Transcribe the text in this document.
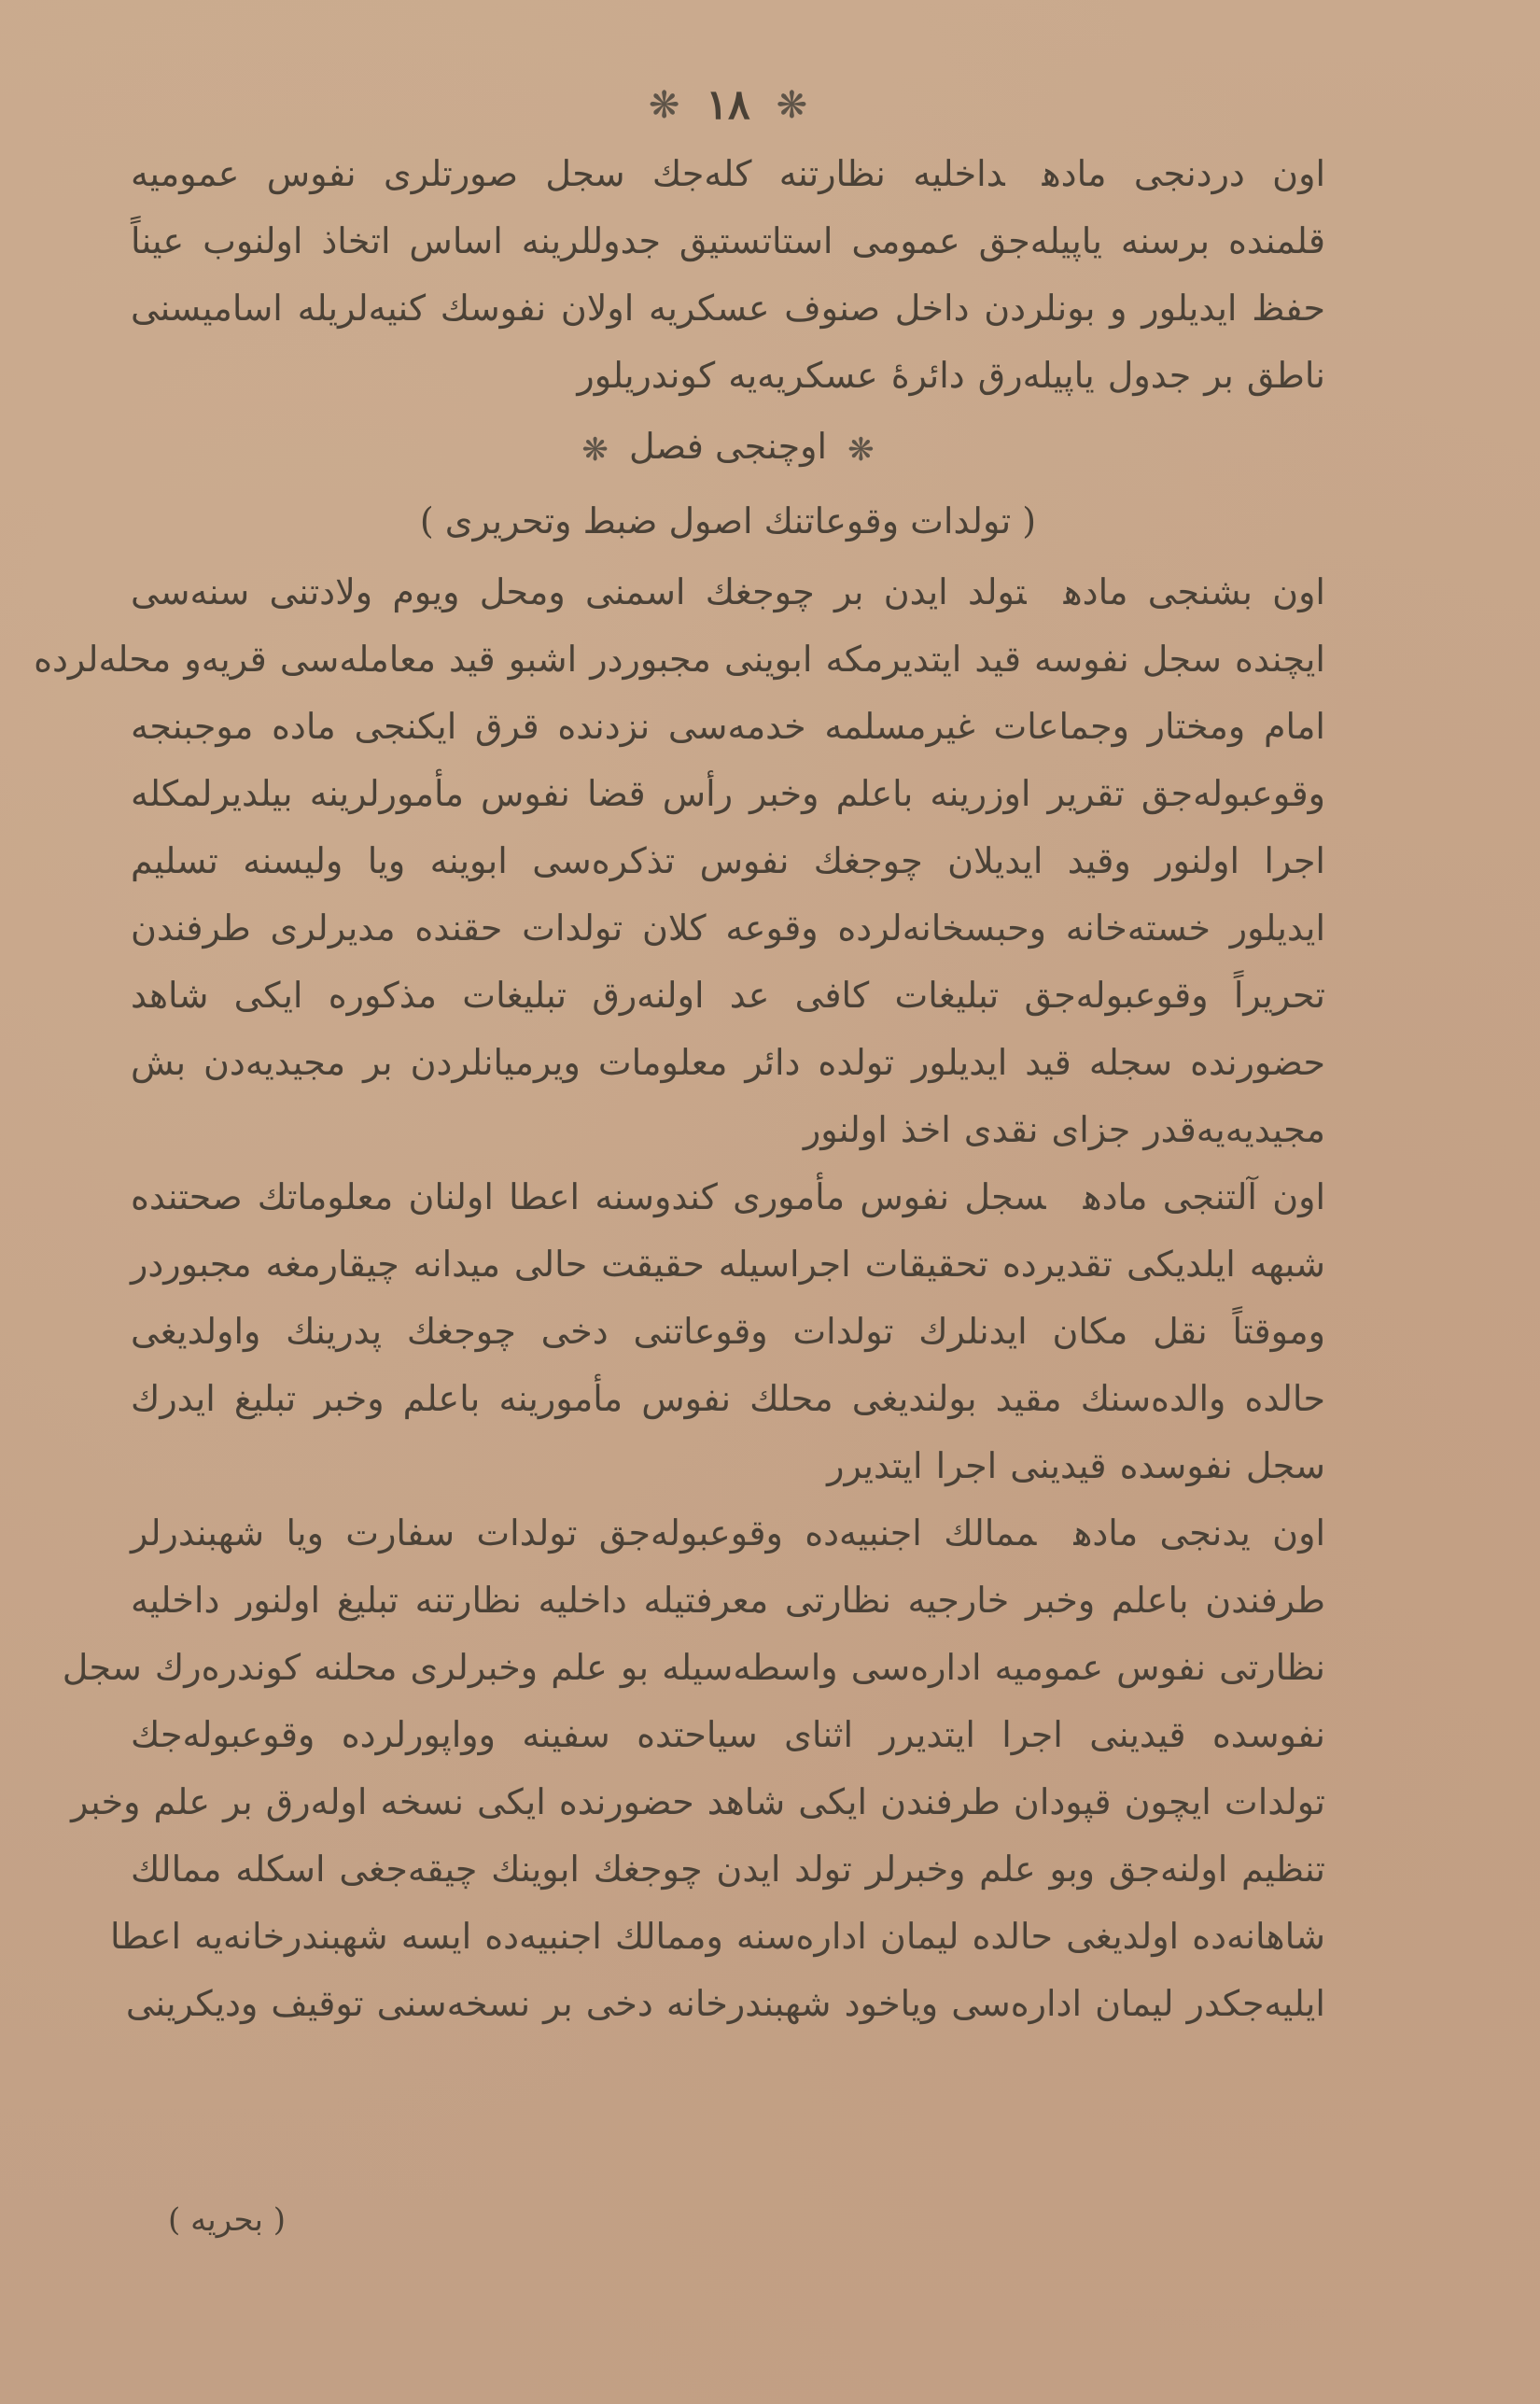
❋ ١٨ ❋
اون دردنجی مادهداخلیه نظارتنه کله‌جك سجل صورتلری نفوس عمومیه
قلمنده برسنه یاپیله‌جق عمومی استاتستیق جدوللرینه اساس اتخاذ اولنوب عیناً
حفظ ایدیلور و بونلردن داخل صنوف عسکریه اولان نفوسك کنیه‌لریله اسامیسنی
ناطق بر جدول یاپیله‌رق دائرهٔ عسکریه‌یه کوندریلور
❋ اوچنجی فصل ❋
( تولدات وقوعاتنك اصول ضبط وتحریری )
اون بشنجی مادهتولد ایدن بر چوجغك اسمنی ومحل ویوم ولادتنی سنه‌سی
ایچنده سجل نفوسه قید ایتدیرمکه ابوینی مجبوردر اشبو قید معامله‌سی قریه‌و محله‌لرده
امام ومختار وجماعات غیرمسلمه خدمه‌سی نزدنده قرق ایکنجی ماده موجبنجه
وقوعبوله‌جق تقریر اوزرینه باعلم وخبر رأس قضا نفوس مأمورلرینه بیلدیرلمکله
اجرا اولنور وقید ایدیلان چوجغك نفوس تذکره‌سی ابوینه ویا ولیسنه تسلیم
ایدیلور خسته‌خانه وحبسخانه‌لرده وقوعه کلان تولدات حقنده مدیرلری طرفندن
تحریراً وقوعبوله‌جق تبلیغات کافی عد اولنه‌رق تبلیغات مذکوره ایکی شاهد
حضورنده سجله قید ایدیلور تولده دائر معلومات ویرمیانلردن بر مجیدیه‌دن بش
مجیدیه‌یه‌قدر جزای نقدی اخذ اولنور
اون آلتنجی مادهسجل نفوس مأموری کندوسنه اعطا اولنان معلوماتك صحتنده
شبهه ایلدیکی تقدیرده تحقیقات اجراسیله حقیقت حالی میدانه چیقارمغه مجبوردر
وموقتاً نقل مکان ایدنلرك تولدات وقوعاتنی دخی چوجغك پدرینك واولدیغی
حالده والده‌سنك مقید بولندیغی محلك نفوس مأمورینه باعلم وخبر تبلیغ ایدرك
سجل نفوسده قیدینی اجرا ایتدیرر
اون یدنجی مادهممالك اجنبیه‌ده وقوعبوله‌جق تولدات سفارت ویا شهبندرلر
طرفندن باعلم وخبر خارجیه نظارتی معرفتیله داخلیه نظارتنه تبلیغ اولنور داخلیه
نظارتی نفوس عمومیه اداره‌سی واسطه‌سیله بو علم وخبرلری محلنه کوندره‌رك سجل
نفوسده قیدینی اجرا ایتدیرر اثنای سیاحتده سفینه وواپورلرده وقوعبوله‌جك
تولدات ایچون قپودان طرفندن ایکی شاهد حضورنده ایکی نسخه اوله‌رق بر علم وخبر
تنظیم اولنه‌جق وبو علم وخبرلر تولد ایدن چوجغك ابوینك چیقه‌جغی اسکله ممالك
شاهانه‌ده اولدیغی حالده لیمان اداره‌سنه وممالك اجنبیه‌ده ایسه شهبندرخانه‌یه اعطا
ایلیه‌جکدر لیمان اداره‌سی ویاخود شهبندرخانه دخی بر نسخه‌سنی توقیف ودیکرینی
( بحریه )
